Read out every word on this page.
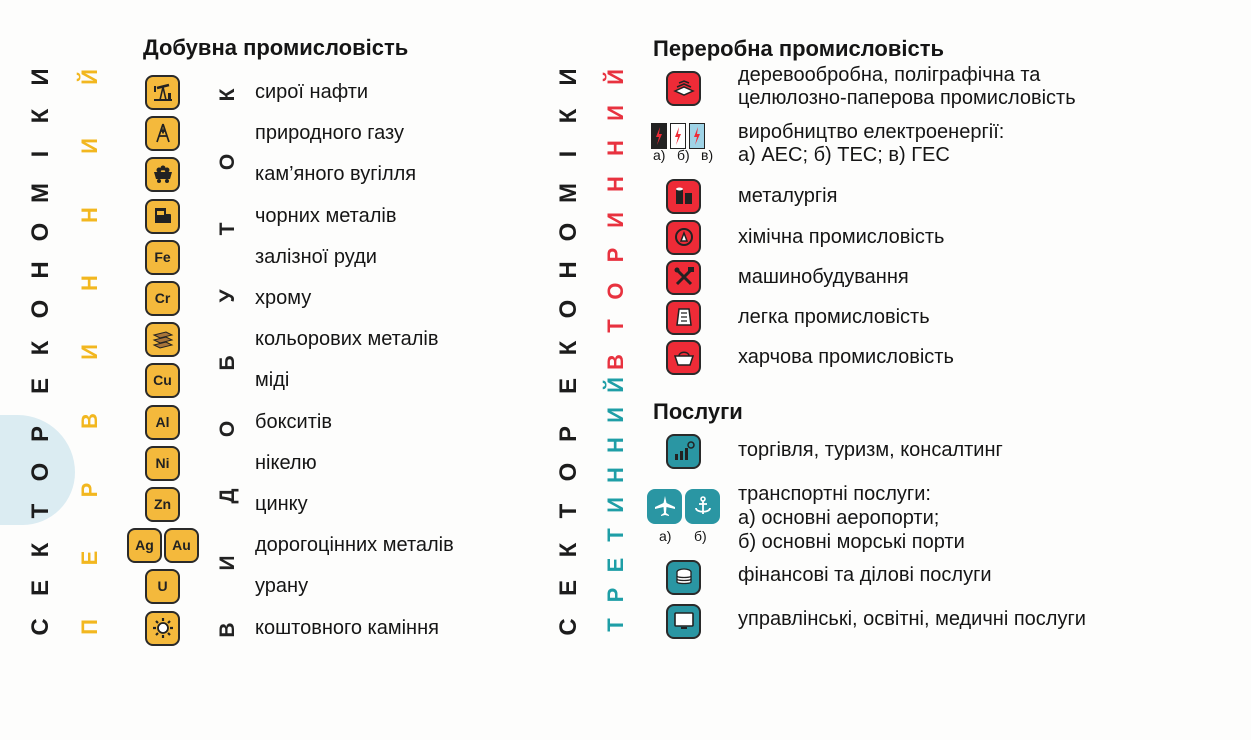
С
Е
К
Т
О
Р
Е
К
О
Н
О
М
І
К
И
П
Е
Р
В
И
Н
Н
И
Й
В
И
Д
О
Б
У
Т
О
К
С
Е
К
Т
О
Р
Е
К
О
Н
О
М
І
К
И
В
Т
О
Р
И
Н
Н
И
Й
Т
Р
Е
Т
И
Н
Н
И
Й
Добувна промисловість	Переробна промисловість
Послуги
сирої нафти
природного газу
кам’яного вугілля
чорних металів
Fe	залізної руди
Cr	хрому
кольорових металів
Cu	міді
Al	бокситів
Ni	нікелю
Zn	цинку
Ag	Au	дорогоцінних металів
U	урану
коштовного каміння
деревообробна, поліграфічна та
целюлозно-паперова промисловість
а) б) в)
виробництво електроенергії:
а) АЕС; б) ТЕС; в) ГЕС
металургія
хімічна промисловість
машинобудування
легка промисловість
харчова промисловість
торгівля, туризм, консалтинг
а) б)
транспортні послуги:
а) основні аеропорти;
б) основні морські порти
фінансові та ділові послуги
управлінські, освітні, медичні послуги
